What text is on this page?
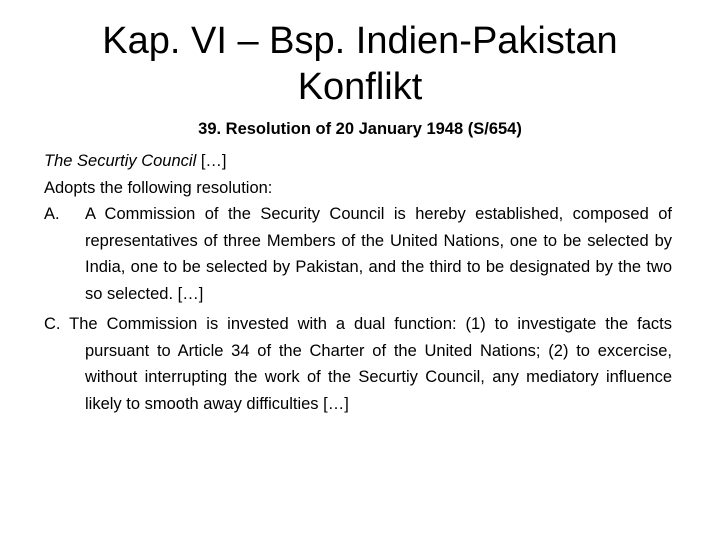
Kap. VI – Bsp. Indien-Pakistan Konflikt

39. Resolution of 20 January 1948 (S/654)

The Securtiy Council […]

Adopts the following resolution:

A. A Commission of the Security Council is hereby established, composed of representatives of three Members of the United Nations, one to be selected by India, one to be selected by Pakistan, and the third to be designated by the two so selected. […]

C. The Commission is invested with a dual function: (1) to investigate the facts pursuant to Article 34 of the Charter of the United Nations; (2) to excercise, without interrupting the work of the Securtiy Council, any mediatory influence likely to smooth away difficulties […]
